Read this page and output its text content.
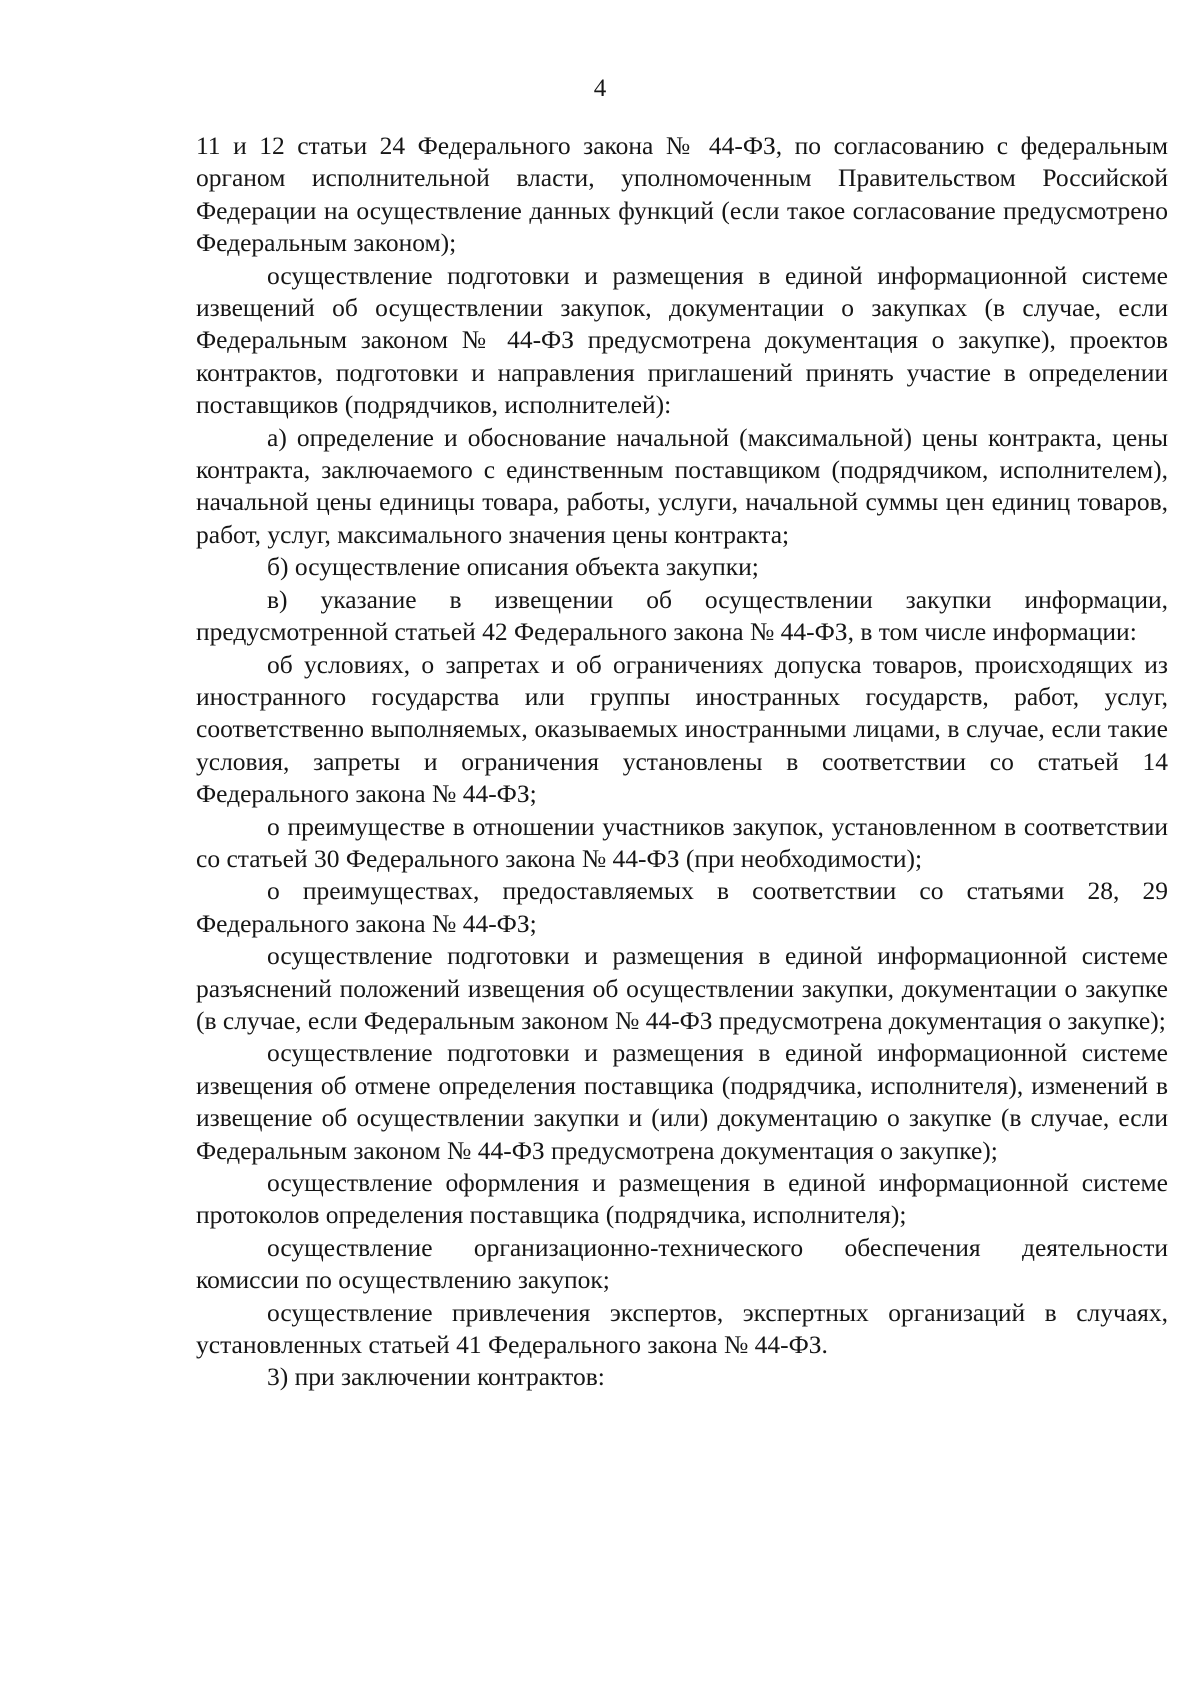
4

11 и 12 статьи 24 Федерального закона № 44-ФЗ, по согласованию с федеральным органом исполнительной власти, уполномоченным Правительством Российской Федерации на осуществление данных функций (если такое согласование предусмотрено Федеральным законом);

осуществление подготовки и размещения в единой информационной системе извещений об осуществлении закупок, документации о закупках (в случае, если Федеральным законом № 44-ФЗ предусмотрена документация о закупке), проектов контрактов, подготовки и направления приглашений принять участие в определении поставщиков (подрядчиков, исполнителей):

а) определение и обоснование начальной (максимальной) цены контракта, цены контракта, заключаемого с единственным поставщиком (подрядчиком, исполнителем), начальной цены единицы товара, работы, услуги, начальной суммы цен единиц товаров, работ, услуг, максимального значения цены контракта;

б) осуществление описания объекта закупки;

в) указание в извещении об осуществлении закупки информации, предусмотренной статьей 42 Федерального закона № 44-ФЗ, в том числе информации:

об условиях, о запретах и об ограничениях допуска товаров, происходящих из иностранного государства или группы иностранных государств, работ, услуг, соответственно выполняемых, оказываемых иностранными лицами, в случае, если такие условия, запреты и ограничения установлены в соответствии со статьей 14 Федерального закона № 44-ФЗ;

о преимуществе в отношении участников закупок, установленном в соответствии со статьей 30 Федерального закона № 44-ФЗ (при необходимости);

о преимуществах, предоставляемых в соответствии со статьями 28, 29 Федерального закона № 44-ФЗ;

осуществление подготовки и размещения в единой информационной системе разъяснений положений извещения об осуществлении закупки, документации о закупке (в случае, если Федеральным законом № 44-ФЗ предусмотрена документация о закупке);

осуществление подготовки и размещения в единой информационной системе извещения об отмене определения поставщика (подрядчика, исполнителя), изменений в извещение об осуществлении закупки и (или) документацию о закупке (в случае, если Федеральным законом № 44-ФЗ предусмотрена документация о закупке);

осуществление оформления и размещения в единой информационной системе протоколов определения поставщика (подрядчика, исполнителя);

осуществление организационно-технического обеспечения деятельности комиссии по осуществлению закупок;

осуществление привлечения экспертов, экспертных организаций в случаях, установленных статьей 41 Федерального закона № 44-ФЗ.

3) при заключении контрактов:
